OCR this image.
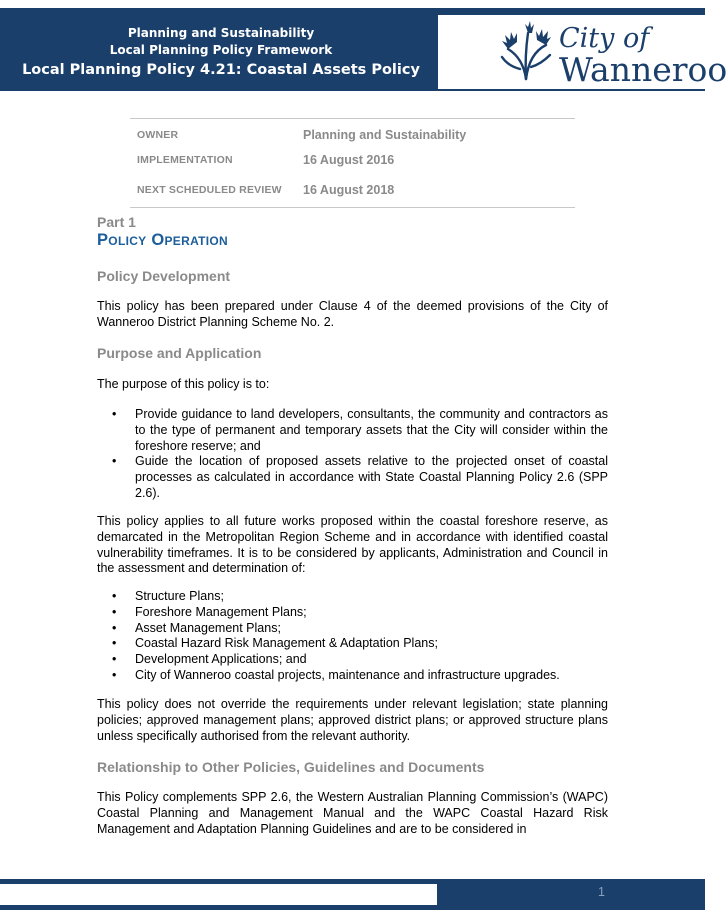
Planning and Sustainability
Local Planning Policy Framework
Local Planning Policy 4.21: Coastal Assets Policy
City of
Wanneroo
OWNER	Planning and Sustainability
IMPLEMENTATION	16 August 2016
NEXT SCHEDULED REVIEW 16 August 2018
Part 1
Policy Operation
Policy Development
This policy has been prepared under Clause 4 of the deemed provisions of the City of Wanneroo District Planning Scheme No. 2.
Purpose and Application
The purpose of this policy is to:
• Provide guidance to land developers, consultants, the community and contractors as to the type of permanent and temporary assets that the City will consider within the foreshore reserve; and
• Guide the location of proposed assets relative to the projected onset of coastal processes as calculated in accordance with State Coastal Planning Policy 2.6 (SPP 2.6).
This policy applies to all future works proposed within the coastal foreshore reserve, as demarcated in the Metropolitan Region Scheme and in accordance with identified coastal vulnerability timeframes. It is to be considered by applicants, Administration and Council in the assessment and determination of:
• Structure Plans;
• Foreshore Management Plans;
• Asset Management Plans;
• Coastal Hazard Risk Management & Adaptation Plans;
• Development Applications; and
• City of Wanneroo coastal projects, maintenance and infrastructure upgrades.
This policy does not override the requirements under relevant legislation; state planning policies; approved management plans; approved district plans; or approved structure plans unless specifically authorised from the relevant authority.
Relationship to Other Policies, Guidelines and Documents
This Policy complements SPP 2.6, the Western Australian Planning Commission’s (WAPC) Coastal Planning and Management Manual and the WAPC Coastal Hazard Risk Management and Adaptation Planning Guidelines and are to be considered in
1
